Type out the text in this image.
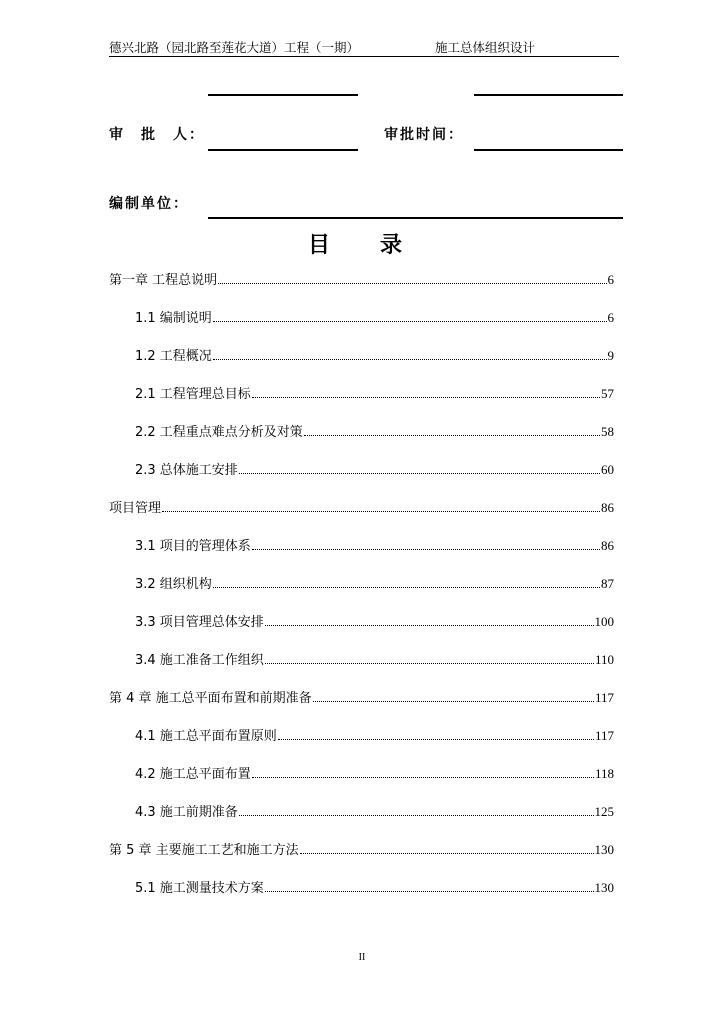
德兴北路（园北路至莲花大道）工程（一期）	施工总体组织设计
审　批　人：	审批时间：
编制单位：
目　录
第一章 工程总说明	6
1.1 编制说明	6
1.2 工程概况	9
2.1 工程管理总目标	57
2.2 工程重点难点分析及对策	58
2.3 总体施工安排	60
项目管理	86
3.1 项目的管理体系	86
3.2 组织机构	87
3.3 项目管理总体安排	100
3.4 施工准备工作组织	110
第 4 章 施工总平面布置和前期准备	117
4.1 施工总平面布置原则	117
4.2 施工总平面布置	118
4.3 施工前期准备	125
第 5 章 主要施工工艺和施工方法	130
5.1 施工测量技术方案	130
II
